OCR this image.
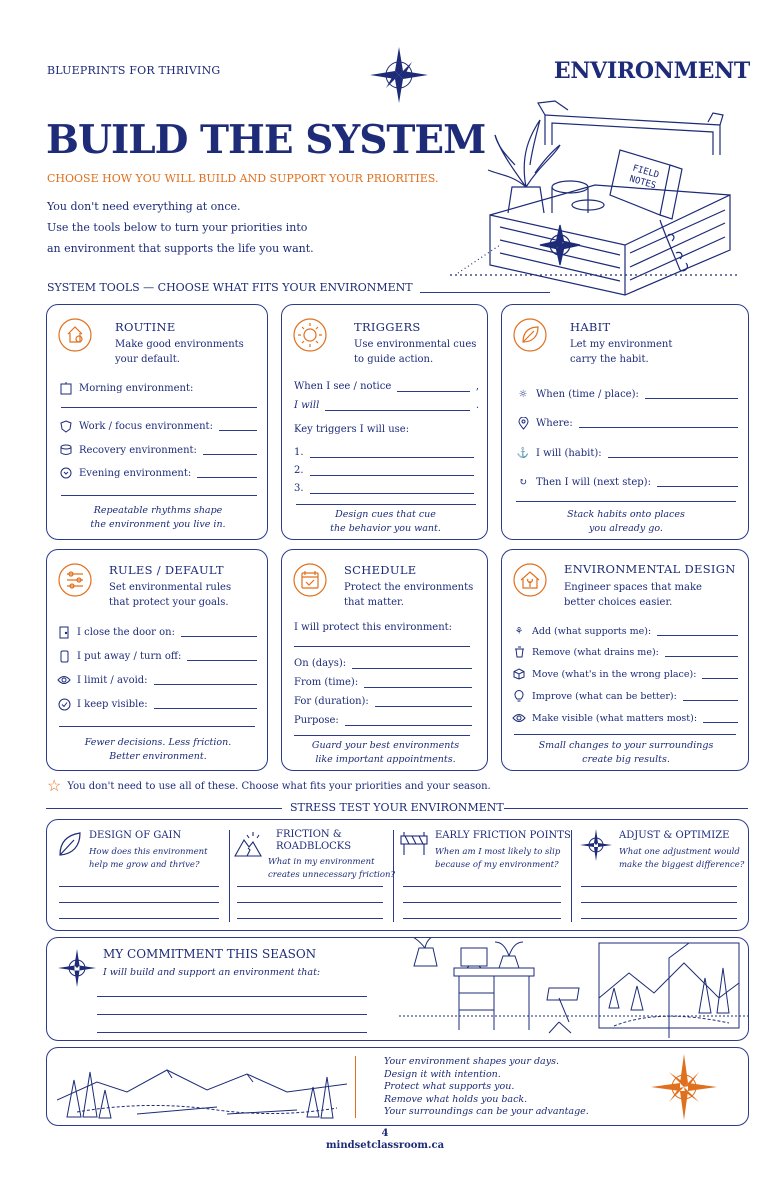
BLUEPRINTS FOR THRIVING	ENVIRONMENT
BUILD THE SYSTEM
CHOOSE HOW YOU WILL BUILD AND SUPPORT YOUR PRIORITIES.
You don't need everything at once.
Use the tools below to turn your priorities into
an environment that supports the life you want.
FIELD NOTES
SYSTEM TOOLS — CHOOSE WHAT FITS YOUR ENVIRONMENT
ROUTINE
Make good environments
your default.
Morning environment:
Work / focus environment:
Recovery environment:
Evening environment:
Repeatable rhythms shape
the environment you live in.
TRIGGERS
Use environmental cues
to guide action.
When I see / notice	,
I will	.
Key triggers I will use:
1.
2.
3.
Design cues that cue
the behavior you want.
HABIT
Let my environment
carry the habit.
☼ When (time / place):
Where:
⚓ I will (habit):
↻ Then I will (next step):
Stack habits onto places
you already go.
RULES / DEFAULT
Set environmental rules
that protect your goals.
I close the door on:
I put away / turn off:
I limit / avoid:
I keep visible:
Fewer decisions. Less friction.
Better environment.
SCHEDULE
Protect the environments
that matter.
I will protect this environment:
On (days):
From (time):
For (duration):
Purpose:
Guard your best environments
like important appointments.
ENVIRONMENTAL DESIGN
Engineer spaces that make
better choices easier.
⚘ Add (what supports me):
Remove (what drains me):
Move (what's in the wrong place):
Improve (what can be better):
Make visible (what matters most):
Small changes to your surroundings
create big results.
☆ You don't need to use all of these. Choose what fits your priorities and your season.
STRESS TEST YOUR ENVIRONMENT
DESIGN OF GAIN
How does this environment
help me grow and thrive?
FRICTION &
ROADBLOCKS
What in my environment
creates unnecessary friction?
EARLY FRICTION POINTS
When am I most likely to slip
because of my environment?
ADJUST & OPTIMIZE
What one adjustment would
make the biggest difference?
MY COMMITMENT THIS SEASON
I will build and support an environment that:
Your environment shapes your days.
Design it with intention.
Protect what supports you.
Remove what holds you back.
Your surroundings can be your advantage.
4
mindsetclassroom.ca
